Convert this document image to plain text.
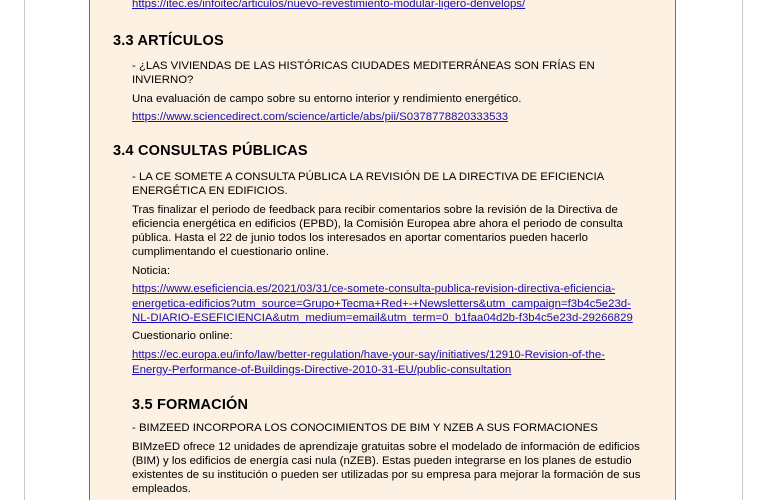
https://itec.es/infoitec/articulos/nuevo-revestimiento-modular-ligero-denvelops/
3.3 ARTÍCULOS
- ¿LAS VIVIENDAS DE LAS HISTÓRICAS CIUDADES MEDITERRÁNEAS SON FRÍAS EN
INVIERNO?

Una evaluación de campo sobre su entorno interior y rendimiento energético.

https://www.sciencedirect.com/science/article/abs/pii/S0378778820333533
3.4 CONSULTAS PÚBLICAS
- LA CE SOMETE A CONSULTA PÚBLICA LA REVISIÓN DE LA DIRECTIVA DE EFICIENCIA
ENERGÉTICA EN EDIFICIOS.
Tras finalizar el periodo de feedback para recibir comentarios sobre la revisión de la Directiva de
eficiencia energética en edificios (EPBD), la Comisión Europea abre ahora el periodo de consulta
pública. Hasta el 22 de junio todos los interesados en aportar comentarios pueden hacerlo
cumplimentando el cuestionario online.

Noticia:

https://www.eseficiencia.es/2021/03/31/ce-somete-consulta-publica-revision-directiva-eficiencia-
energetica-edificios?utm_source=Grupo+Tecma+Red+-+Newsletters&utm_campaign=f3b4c5e23d-
NL-DIARIO-ESEFICIENCIA&utm_medium=email&utm_term=0_b1faa04d2b-f3b4c5e23d-29266829

Cuestionario online:

https://ec.europa.eu/info/law/better-regulation/have-your-say/initiatives/12910-Revision-of-the-
Energy-Performance-of-Buildings-Directive-2010-31-EU/public-consultation
3.5 FORMACIÓN

- BIMZEED INCORPORA LOS CONOCIMIENTOS DE BIM Y NZEB A SUS FORMACIONES

BIMzeED ofrece 12 unidades de aprendizaje gratuitas sobre el modelado de información de edificios
(BIM) y los edificios de energía casi nula (nZEB). Estas pueden integrarse en los planes de estudio
existentes de su institución o pueden ser utilizadas por su empresa para mejorar la formación de sus
empleados.
